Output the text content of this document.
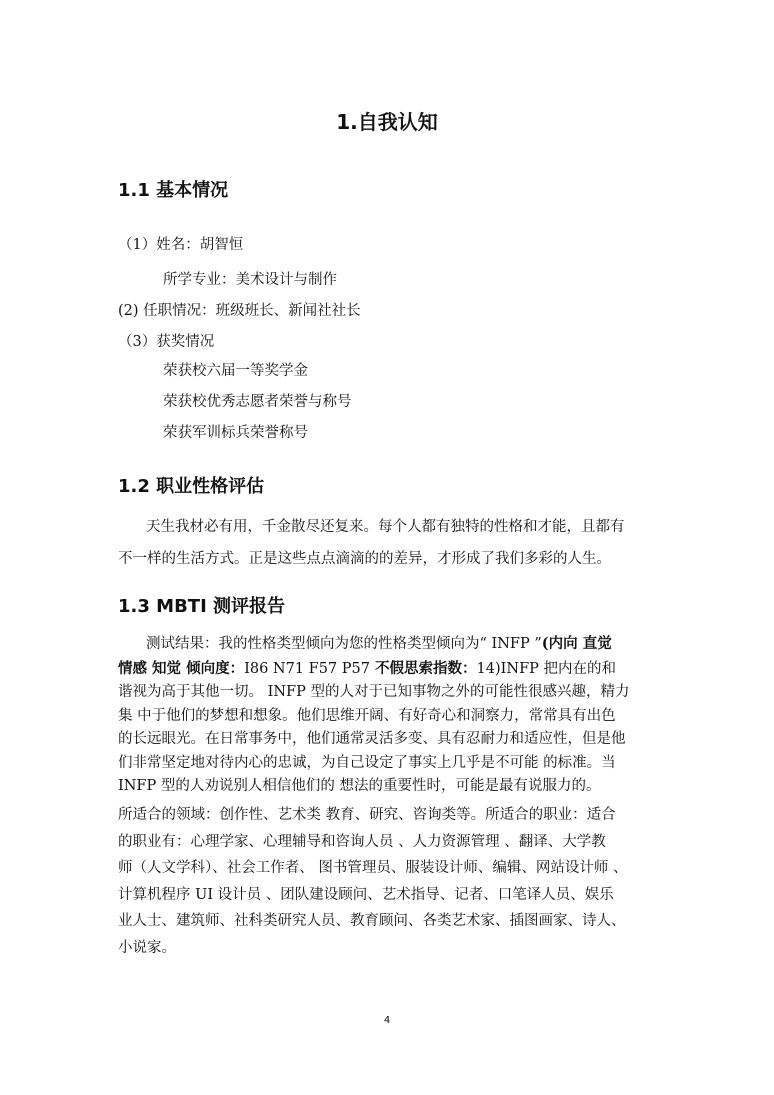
1.自我认知
1.1 基本情况
（1）姓名：胡智恒
所学专业：美术设计与制作
(2) 任职情况：班级班长、新闻社社长
（3）获奖情况
荣获校六届一等奖学金
荣获校优秀志愿者荣誉与称号
荣获军训标兵荣誉称号
1.2 职业性格评估
天生我材必有用，千金散尽还复来。每个人都有独特的性格和才能，且都有
不一样的生活方式。正是这些点点滴滴的的差异，才形成了我们多彩的人生。
1.3 MBTI 测评报告
测试结果：我的性格类型倾向为您的性格类型倾向为“ INFP ”(内向 直觉
情感 知觉 倾向度：I86 N71 F57 P57 不假思索指数：14)INFP 把内在的和
谐视为高于其他一切。 INFP 型的人对于已知事物之外的可能性很感兴趣，精力
集 中于他们的梦想和想象。他们思维开阔、有好奇心和洞察力，常常具有出色
的长远眼光。在日常事务中，他们通常灵活多变、具有忍耐力和适应性，但是他
们非常坚定地对待内心的忠诚，为自己设定了事实上几乎是不可能 的标准。当
INFP 型的人劝说别人相信他们的 想法的重要性时，可能是最有说服力的。
所适合的领域：创作性、艺术类 教育、研究、咨询类等。所适合的职业：适合
的职业有：心理学家、心理辅导和咨询人员 、人力资源管理 、翻译、大学教
师（人文学科）、社会工作者、 图书管理员、服装设计师、编辑、网站设计师 、
计算机程序 UI 设计员 、团队建设顾问、艺术指导、记者、口笔译人员、娱乐
业人士、建筑师、社科类研究人员、教育顾问、各类艺术家、插图画家、诗人、
小说家。
4
